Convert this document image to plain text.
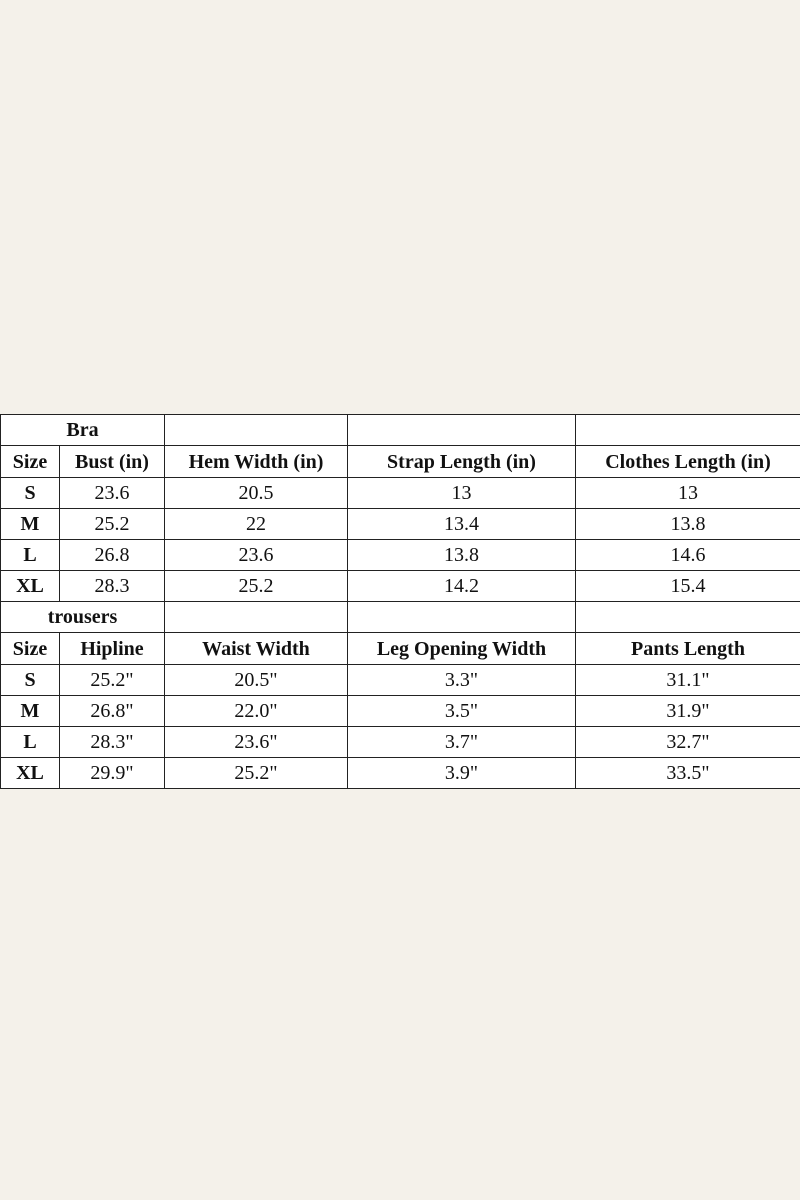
Bra				
Size	Bust (in)	Hem Width (in)	Strap Length (in)	Clothes Length (in)
S	23.6	20.5	13	13
M	25.2	22	13.4	13.8
L	26.8	23.6	13.8	14.6
XL	28.3	25.2	14.2	15.4
trousers				
Size	Hipline	Waist Width	Leg Opening Width	Pants Length
S	25.2"	20.5"	3.3"	31.1"
M	26.8"	22.0"	3.5"	31.9"
L	28.3"	23.6"	3.7"	32.7"
XL	29.9"	25.2"	3.9"	33.5"
